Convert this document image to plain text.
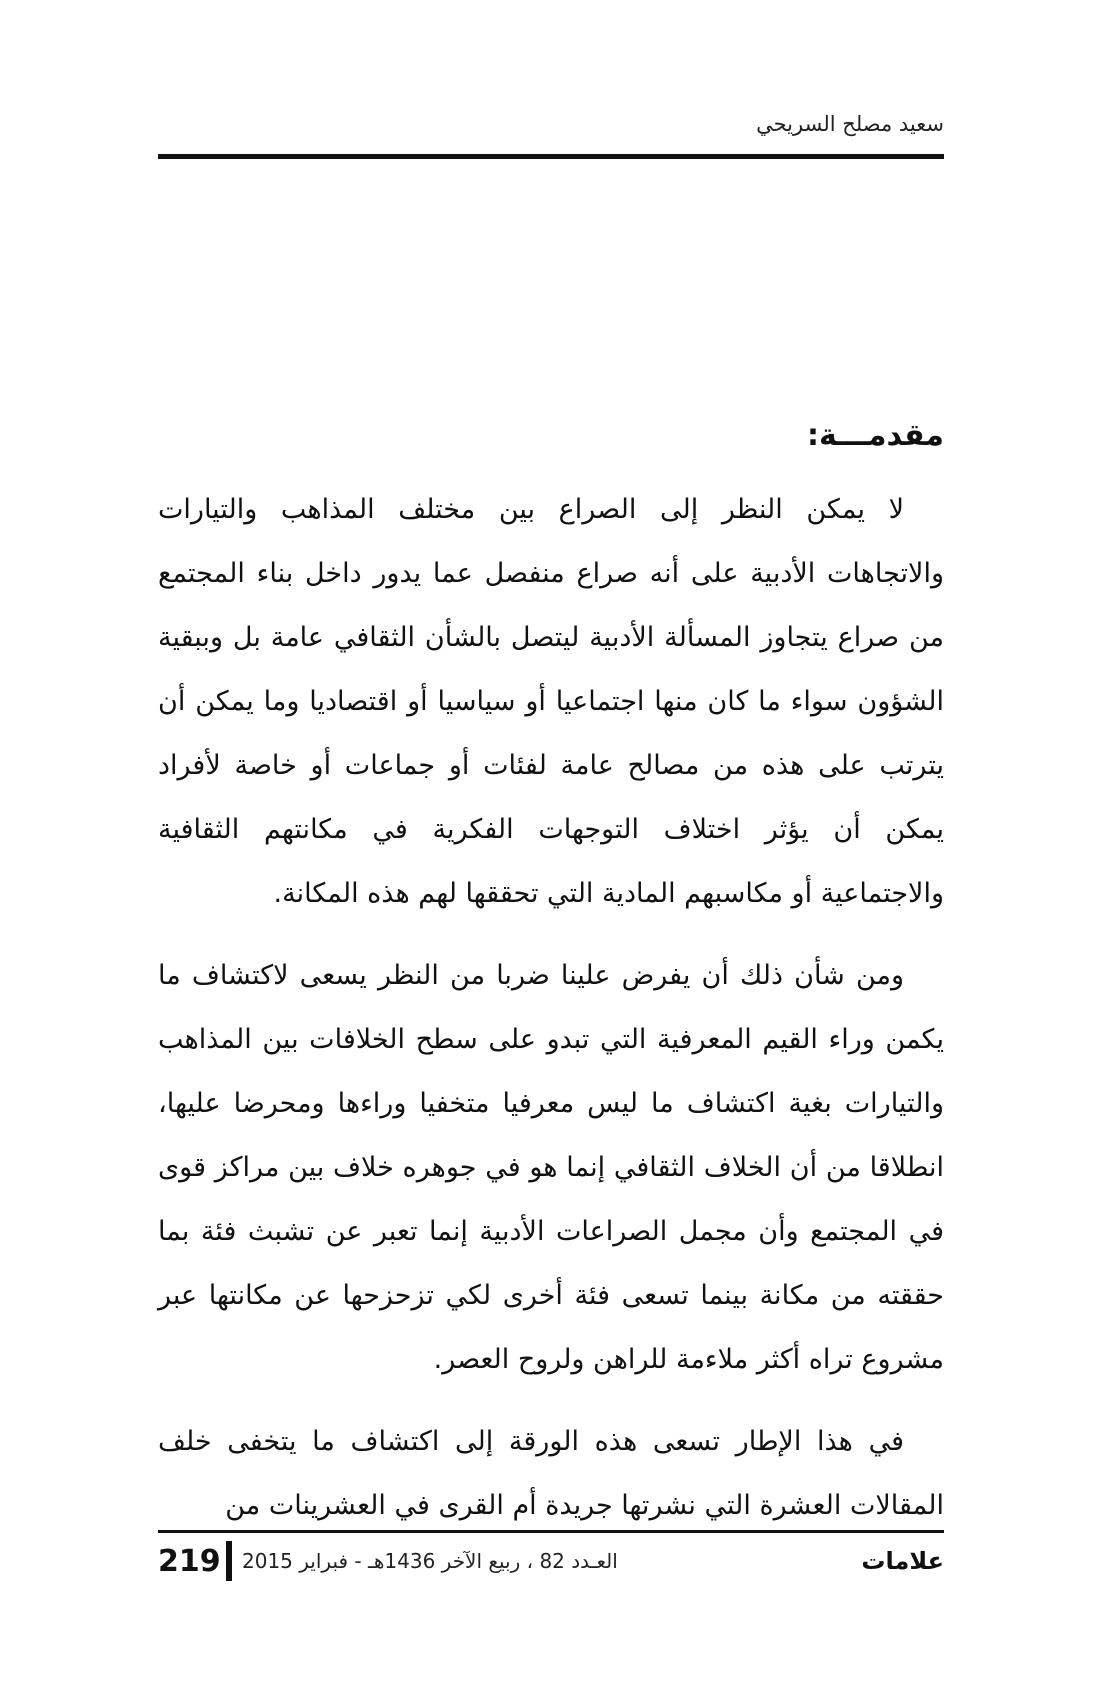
سعيد مصلح السريحي
مقدمـــة:

لا يمكن النظر إلى الصراع بين مختلف المذاهب والتيارات والاتجاهات الأدبية على أنه صراع منفصل عما يدور داخل بناء المجتمع من صراع يتجاوز المسألة الأدبية ليتصل بالشأن الثقافي عامة بل وببقية الشؤون سواء ما كان منها اجتماعيا أو سياسيا أو اقتصاديا وما يمكن أن يترتب على هذه من مصالح عامة لفئات أو جماعات أو خاصة لأفراد يمكن أن يؤثر اختلاف التوجهات الفكرية في مكانتهم الثقافية والاجتماعية أو مكاسبهم المادية التي تحققها لهم هذه المكانة.

ومن شأن ذلك أن يفرض علينا ضربا من النظر يسعى لاكتشاف ما يكمن وراء القيم المعرفية التي تبدو على سطح الخلافات بين المذاهب والتيارات بغية اكتشاف ما ليس معرفيا متخفيا وراءها ومحرضا عليها، انطلاقا من أن الخلاف الثقافي إنما هو في جوهره خلاف بين مراكز قوى في المجتمع وأن مجمل الصراعات الأدبية إنما تعبر عن تشبث فئة بما حققته من مكانة بينما تسعى فئة أخرى لكي تزحزحها عن مكانتها عبر مشروع تراه أكثر ملاءمة للراهن ولروح العصر.

في هذا الإطار تسعى هذه الورقة إلى اكتشاف ما يتخفى خلف المقالات العشرة التي نشرتها جريدة أم القرى في العشرينات من

219 العـدد 82 ، ربيع الآخر 1436هـ - فبراير 2015	علامات
